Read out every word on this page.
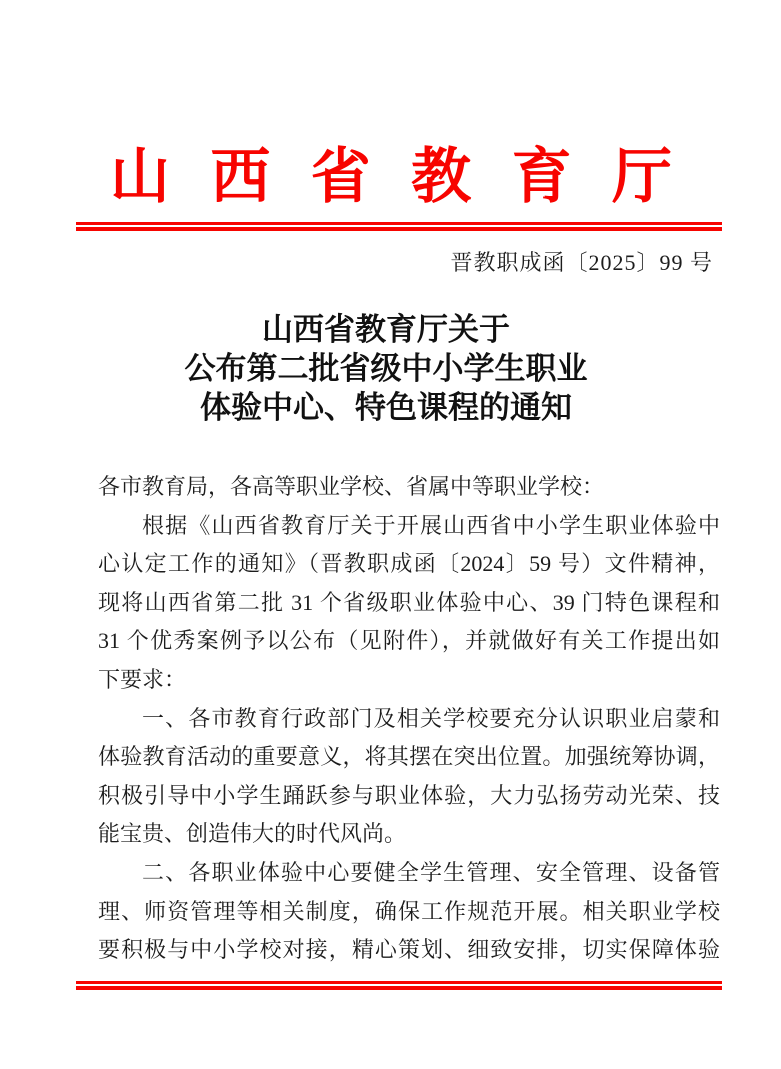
山 西 省 教 育 厅
晋教职成函〔2025〕99 号
山西省教育厅关于
公布第二批省级中小学生职业
体验中心、特色课程的通知
各市教育局，各高等职业学校、省属中等职业学校：
根据《山西省教育厅关于开展山西省中小学生职业体验中
心认定工作的通知》（晋教职成函〔2024〕59 号）文件精神，
现将山西省第二批 31 个省级职业体验中心、39 门特色课程和
31 个优秀案例予以公布（见附件），并就做好有关工作提出如
下要求：
一、各市教育行政部门及相关学校要充分认识职业启蒙和
体验教育活动的重要意义，将其摆在突出位置。加强统筹协调，
积极引导中小学生踊跃参与职业体验，大力弘扬劳动光荣、技
能宝贵、创造伟大的时代风尚。
二、各职业体验中心要健全学生管理、安全管理、设备管
理、师资管理等相关制度，确保工作规范开展。相关职业学校
要积极与中小学校对接，精心策划、细致安排，切实保障体验
